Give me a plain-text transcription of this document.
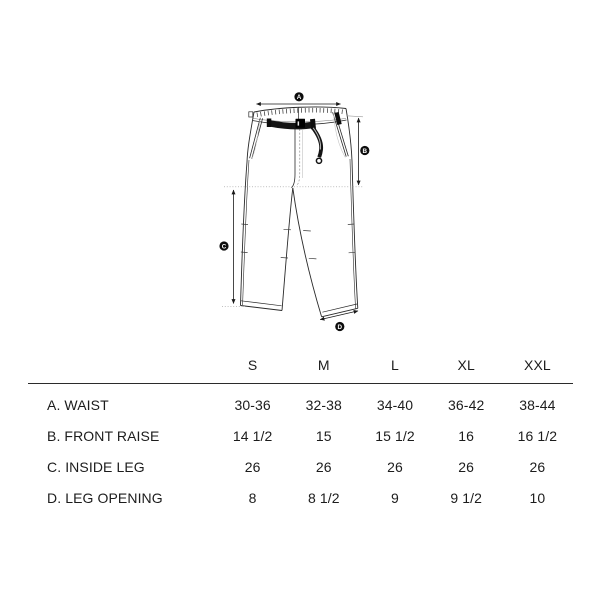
A
B
C
D
S	M	L	XL	XXL
A. WAIST	30-36	32-38	34-40	36-42	38-44
B. FRONT RAISE	14 1/2	15	15 1/2	16	16 1/2
C. INSIDE LEG	26	26	26	26	26
D. LEG OPENING	8	8 1/2	9	9 1/2	10
